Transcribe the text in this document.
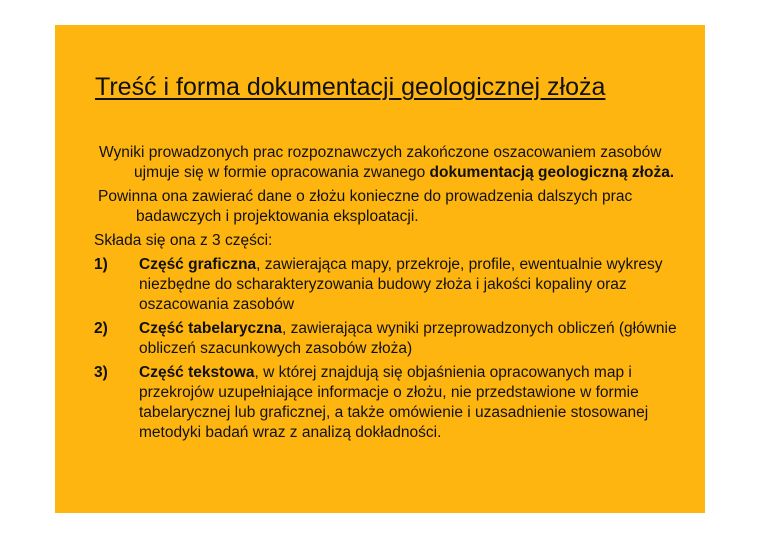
Treść i forma dokumentacji geologicznej złoża

Wyniki prowadzonych prac rozpoznawczych zakończone oszacowaniem zasobów ujmuje się w formie opracowania zwanego dokumentacją geologiczną złoża.

Powinna ona zawierać dane o złożu konieczne do prowadzenia dalszych prac badawczych i projektowania eksploatacji.

Składa się ona z 3 części:

1)	Część graficzna, zawierająca mapy, przekroje, profile, ewentualnie wykresy niezbędne do scharakteryzowania budowy złoża i jakości kopaliny oraz oszacowania zasobów
2)	Część tabelaryczna, zawierająca wyniki przeprowadzonych obliczeń (głównie obliczeń szacunkowych zasobów złoża)
3)	Część tekstowa, w której znajdują się objaśnienia opracowanych map i przekrojów uzupełniające informacje o złożu, nie przedstawione w formie tabelarycznej lub graficznej, a także omówienie i uzasadnienie stosowanej metodyki badań wraz z analizą dokładności.
